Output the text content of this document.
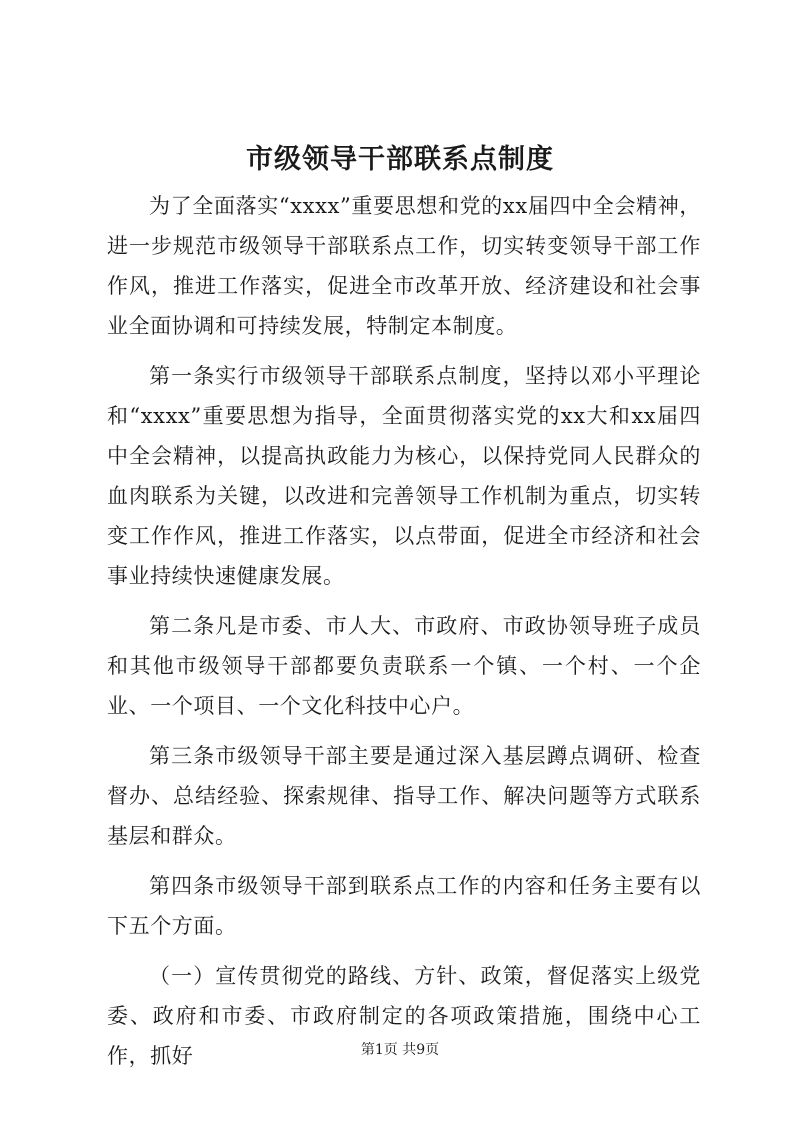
市级领导干部联系点制度

为了全面落实“xxxx”重要思想和党的xx届四中全会精神，进一步规范市级领导干部联系点工作，切实转变领导干部工作作风，推进工作落实，促进全市改革开放、经济建设和社会事业全面协调和可持续发展，特制定本制度。

第一条实行市级领导干部联系点制度，坚持以邓小平理论和“xxxx”重要思想为指导，全面贯彻落实党的xx大和xx届四中全会精神，以提高执政能力为核心，以保持党同人民群众的血肉联系为关键，以改进和完善领导工作机制为重点，切实转变工作作风，推进工作落实，以点带面，促进全市经济和社会事业持续快速健康发展。

第二条凡是市委、市人大、市政府、市政协领导班子成员和其他市级领导干部都要负责联系一个镇、一个村、一个企业、一个项目、一个文化科技中心户。

第三条市级领导干部主要是通过深入基层蹲点调研、检查督办、总结经验、探索规律、指导工作、解决问题等方式联系基层和群众。

第四条市级领导干部到联系点工作的内容和任务主要有以下五个方面。

（一）宣传贯彻党的路线、方针、政策，督促落实上级党委、政府和市委、市政府制定的各项政策措施，围绕中心工作，抓好	第1页 共9页
